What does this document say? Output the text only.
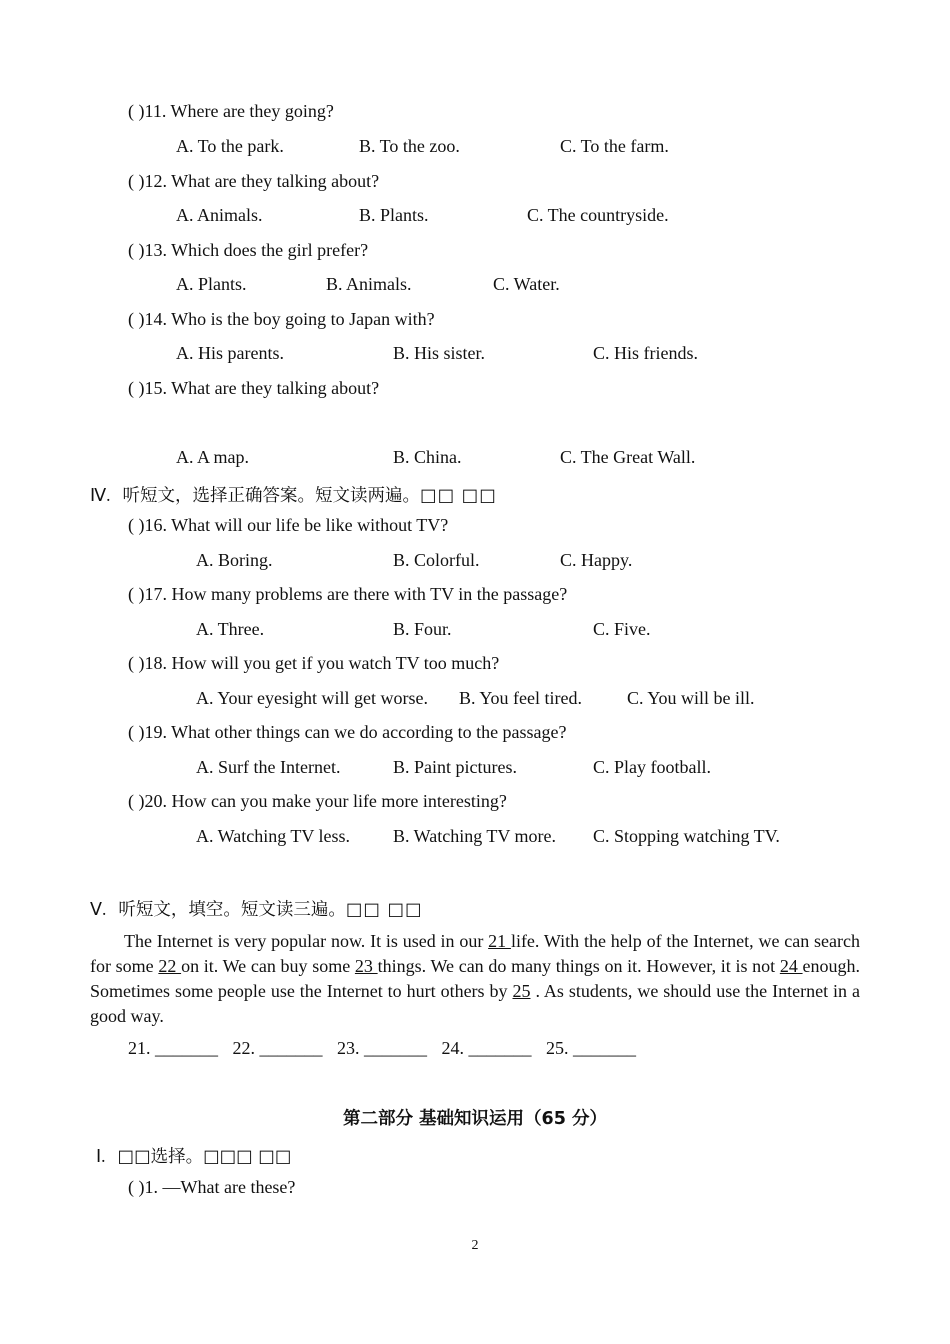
( )11. Where are they going?
A. To the park.	B. To the zoo.	C. To the farm.
( )12. What are they talking about?
A. Animals.	B. Plants.	C. The countryside.
( )13. Which does the girl prefer?
A. Plants.	B. Animals.	C. Water.
( )14. Who is the boy going to Japan with?
A. His parents.	B. His sister.	C. His friends.
( )15. What are they talking about?
A. A map.	B. China.	C. The Great Wall.
Ⅳ. 听短文，选择正确答案。短文读两遍。□□ □□
( )16. What will our life be like without TV?
A. Boring.	B. Colorful.	C. Happy.
( )17. How many problems are there with TV in the passage?
A. Three.	B. Four.	C. Five.
( )18. How will you get if you watch TV too much?
A. Your eyesight will get worse. B. You feel tired.	C. You will be ill.
( )19. What other things can we do according to the passage?
A. Surf the Internet.	B. Paint pictures.	C. Play football.
( )20. How can you make your life more interesting?
A. Watching TV less. B. Watching TV more. C. Stopping watching TV.
Ⅴ. 听短文，填空。短文读三遍。□□ □□
The Internet is very popular now. It is used in our 21 life. With the help of the Internet, we can search for some 22 on it. We can buy some 23 things. We can do many things on it. However, it is not 24 enough. Sometimes some people use the Internet to hurt others by 25 . As students, we should use the Internet in a good way.
21. _______ 22. _______ 23. _______ 24. _______ 25. _______
第二部分 基础知识运用（65 分）
Ⅰ. □□选择。□□□ □□
( )1. —What are these?
2
